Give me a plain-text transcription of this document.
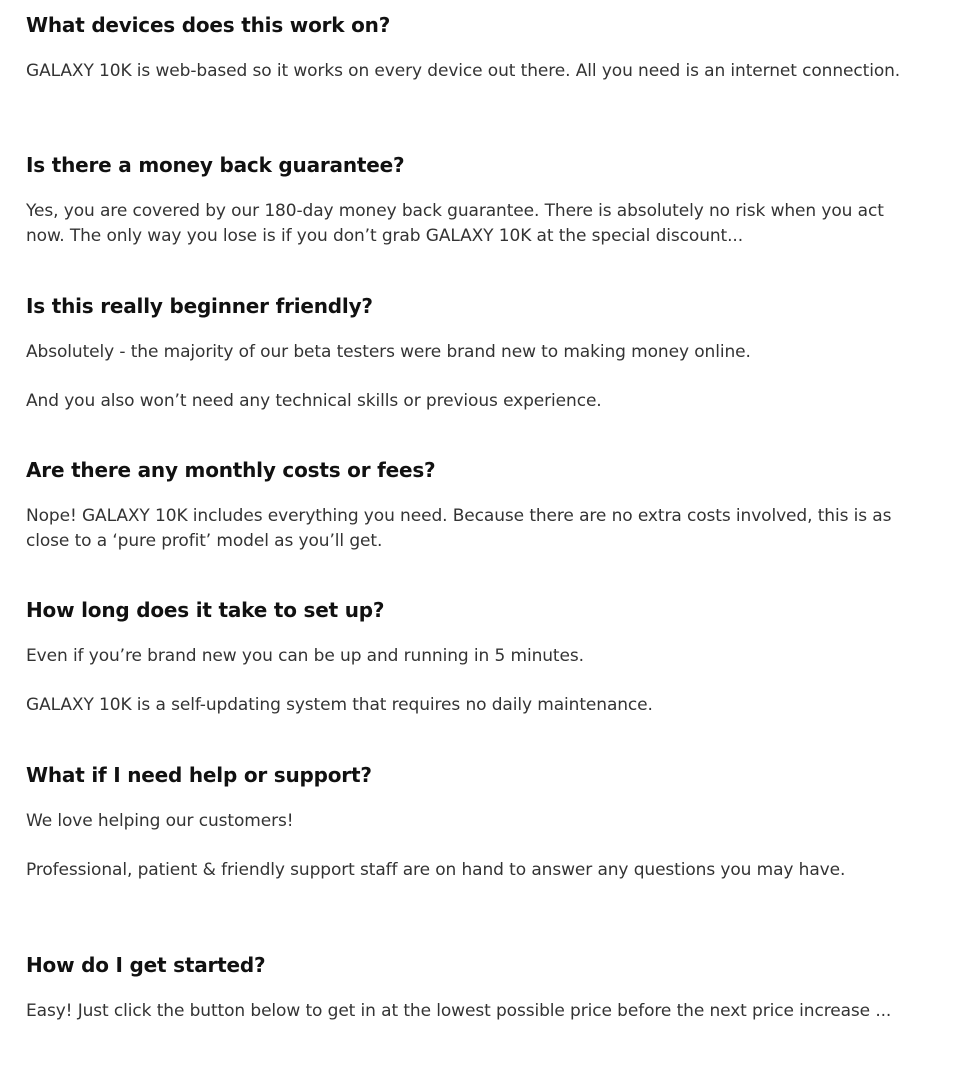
What devices does this work on?

GALAXY 10K is web-based so it works on every device out there. All you need is an internet connection.

Is there a money back guarantee?

Yes, you are covered by our 180-day money back guarantee. There is absolutely no risk when you act now. The only way you lose is if you don’t grab GALAXY 10K at the special discount...

Is this really beginner friendly?

Absolutely - the majority of our beta testers were brand new to making money online.

And you also won’t need any technical skills or previous experience.

Are there any monthly costs or fees?

Nope! GALAXY 10K includes everything you need. Because there are no extra costs involved, this is as close to a ‘pure profit’ model as you’ll get.

How long does it take to set up?

Even if you’re brand new you can be up and running in 5 minutes.

GALAXY 10K is a self-updating system that requires no daily maintenance.

What if I need help or support?

We love helping our customers!

Professional, patient & friendly support staff are on hand to answer any questions you may have.

How do I get started?

Easy! Just click the button below to get in at the lowest possible price before the next price increase ...
